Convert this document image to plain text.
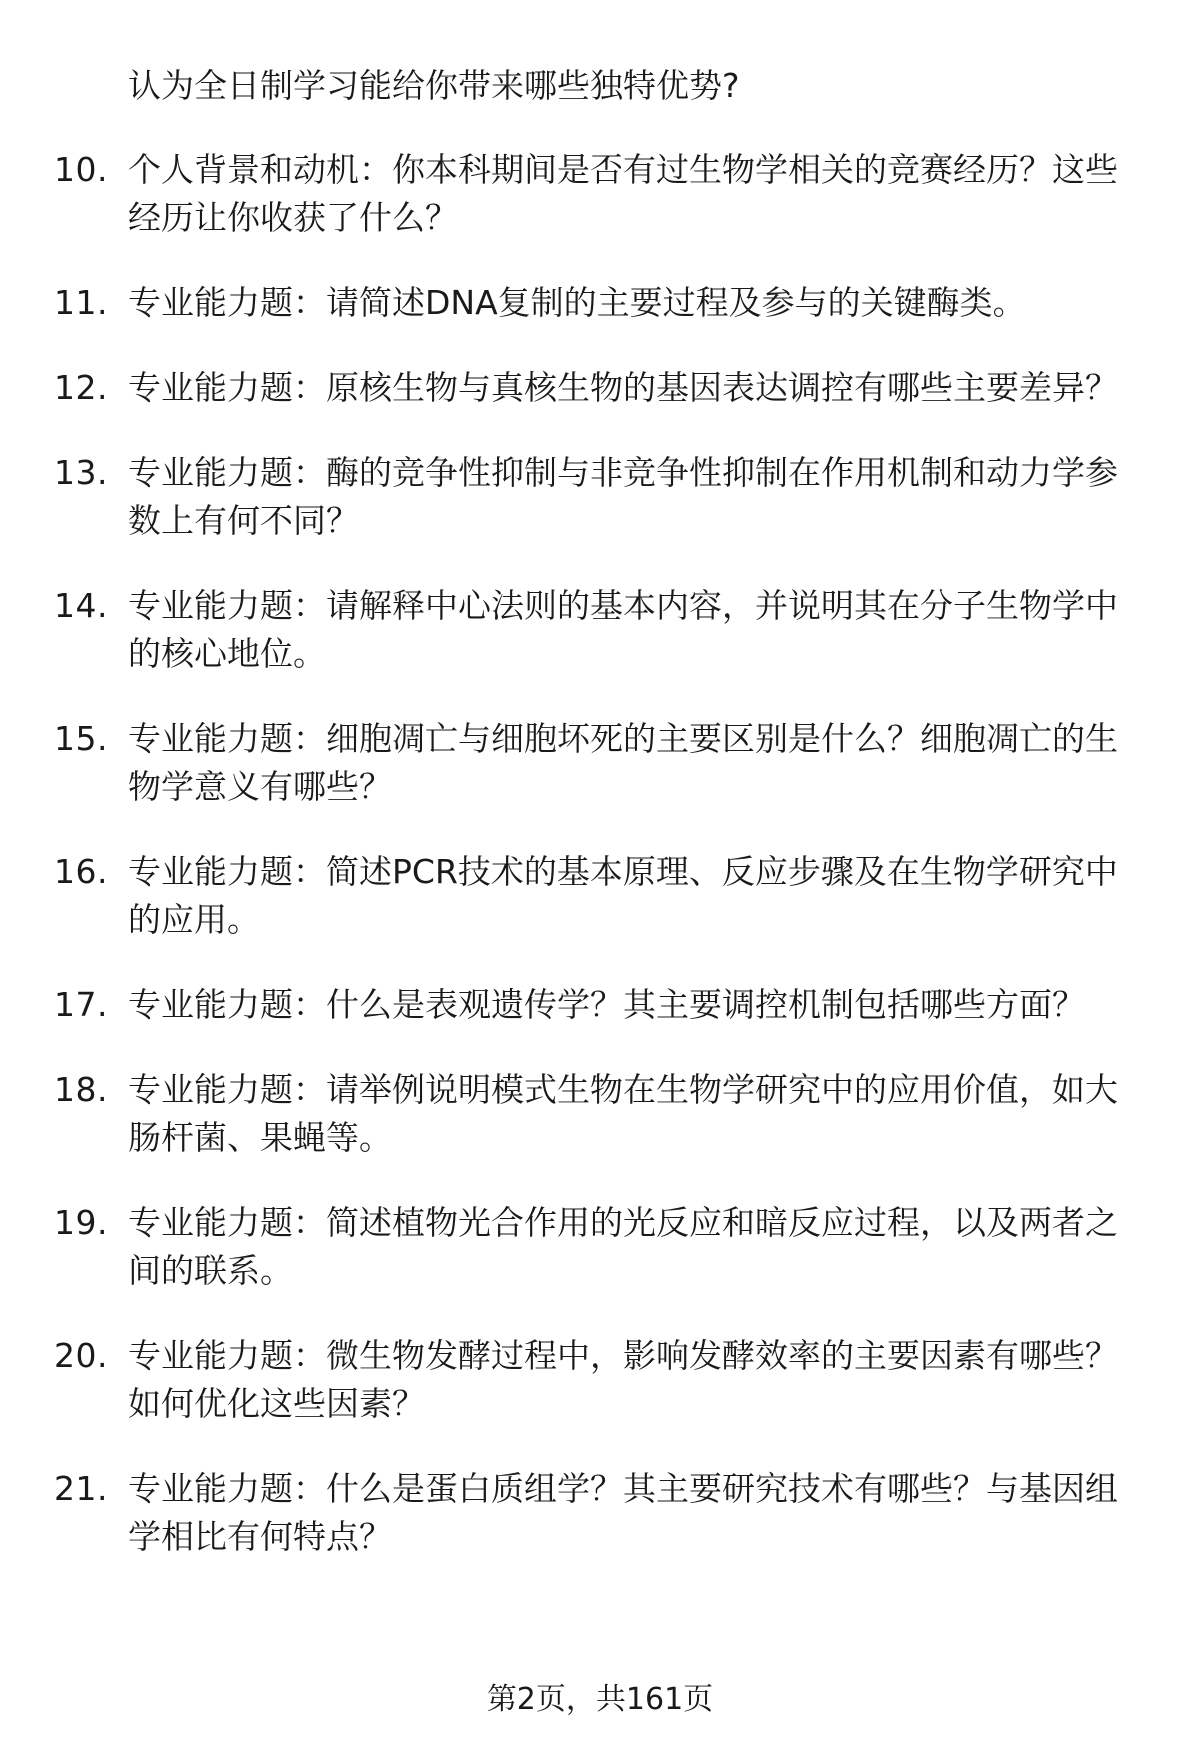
认为全日制学习能给你带来哪些独特优势?

10. 个人背景和动机：你本科期间是否有过生物学相关的竞赛经历？这些经历让你收获了什么？
11. 专业能力题：请简述DNA复制的主要过程及参与的关键酶类。
12. 专业能力题：原核生物与真核生物的基因表达调控有哪些主要差异？
13. 专业能力题：酶的竞争性抑制与非竞争性抑制在作用机制和动力学参数上有何不同？
14. 专业能力题：请解释中心法则的基本内容，并说明其在分子生物学中的核心地位。
15. 专业能力题：细胞凋亡与细胞坏死的主要区别是什么？细胞凋亡的生物学意义有哪些？
16. 专业能力题：简述PCR技术的基本原理、反应步骤及在生物学研究中的应用。
17. 专业能力题：什么是表观遗传学？其主要调控机制包括哪些方面？
18. 专业能力题：请举例说明模式生物在生物学研究中的应用价值，如大肠杆菌、果蝇等。
19. 专业能力题：简述植物光合作用的光反应和暗反应过程，以及两者之间的联系。
20. 专业能力题：微生物发酵过程中，影响发酵效率的主要因素有哪些？如何优化这些因素？
21. 专业能力题：什么是蛋白质组学？其主要研究技术有哪些？与基因组学相比有何特点？
第2页，共161页
